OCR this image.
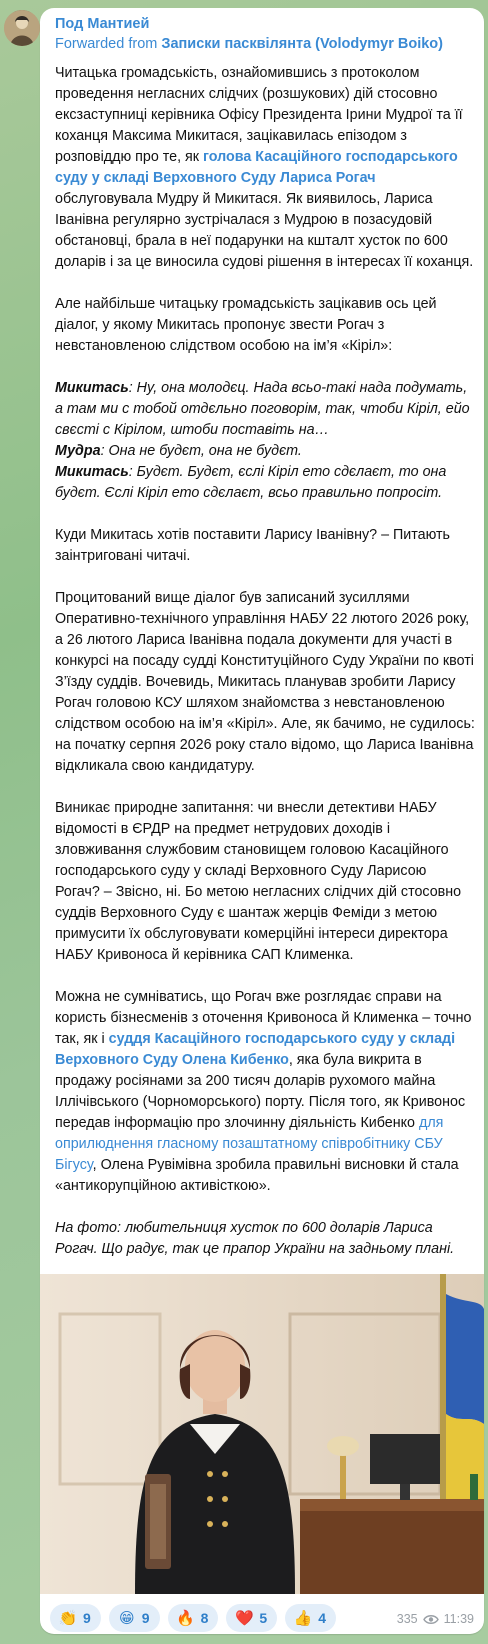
Под Мантией
Forwarded from Записки пасквілянта (Volodymyr Boiko)

Читацька громадськість, ознайомившись з протоколом проведення негласних слідчих (розшукових) дій стосовно ексзаступниці керівника Офісу Президента Ірини Мудрої та її коханця Максима Микитася, зацікавилась епізодом з розповіддю про те, як голова Касаційного господарського суду у складі Верховного Суду Лариса Рогач обслуговувала Мудру й Микитася. Як виявилось, Лариса Іванівна регулярно зустрічалася з Мудрою в позасудовій обстановці, брала в неї подарунки на кшталт хусток по 600 доларів і за це виносила судові рішення в інтересах її коханця.

Але найбільше читацьку громадськість зацікавив ось цей діалог, у якому Микитась пропонує звести Рогач з невстановленою слідством особою на ім’я «Кіріл»:

Микитась: Ну, она молодєц. Нада всьо-такі нада подумать, а там ми с тобой отдєльно поговорім, так, чтоби Кіріл, ейо свєсті с Кірілом, штоби поставіть на…
Мудра: Она не будєт, она не будєт.
Микитась: Будєт. Будєт, єслі Кіріл ето сдєлаєт, то она будєт. Єслі Кіріл ето сдєлаєт, всьо правильно попросіт.

Куди Микитась хотів поставити Ларису Іванівну? – Питають заінтриговані читачі.

Процитований вище діалог був записаний зусиллями Оперативно-технічного управління НАБУ 22 лютого 2026 року, а 26 лютого Лариса Іванівна подала документи для участі в конкурсі на посаду судді Конституційного Суду України по квоті З’їзду суддів. Вочевидь, Микитась планував зробити Ларису Рогач головою КСУ шляхом знайомства з невстановленою слідством особою на ім’я «Кіріл». Але, як бачимо, не судилось: на початку серпня 2026 року стало відомо, що Лариса Іванівна відкликала свою кандидатуру.

Виникає природне запитання: чи внесли детективи НАБУ відомості в ЄРДР на предмет нетрудових доходів і зловживання службовим становищем головою Касаційного господарського суду у складі Верховного Суду Ларисою Рогач? – Звісно, ні. Бо метою негласних слідчих дій стосовно суддів Верховного Суду є шантаж жерців Феміди з метою примусити їх обслуговувати комерційні інтереси директора НАБУ Кривоноса й керівника САП Клименка.

Можна не сумніватись, що Рогач вже розглядає справи на користь бізнесменів з оточення Кривоноса й Клименка – точно так, як і суддя Касаційного господарського суду у складі Верховного Суду Олена Кибенко, яка була викрита в продажу росіянами за 200 тисяч доларів рухомого майна Іллічівського (Чорноморського) порту. Після того, як Кривонос передав інформацію про злочинну діяльність Кибенко для оприлюднення гласному позаштатному співробітнику СБУ Бігусу, Олена Рувімівна зробила правильні висновки й стала «антикорупційною активісткою».

На фото: любительниця хусток по 600 доларів Лариса Рогач. Що радує, так це прапор України на задньому плані.

👏 9 😁 9 🔥 8 ❤️ 5 👍 4	335 11:39
